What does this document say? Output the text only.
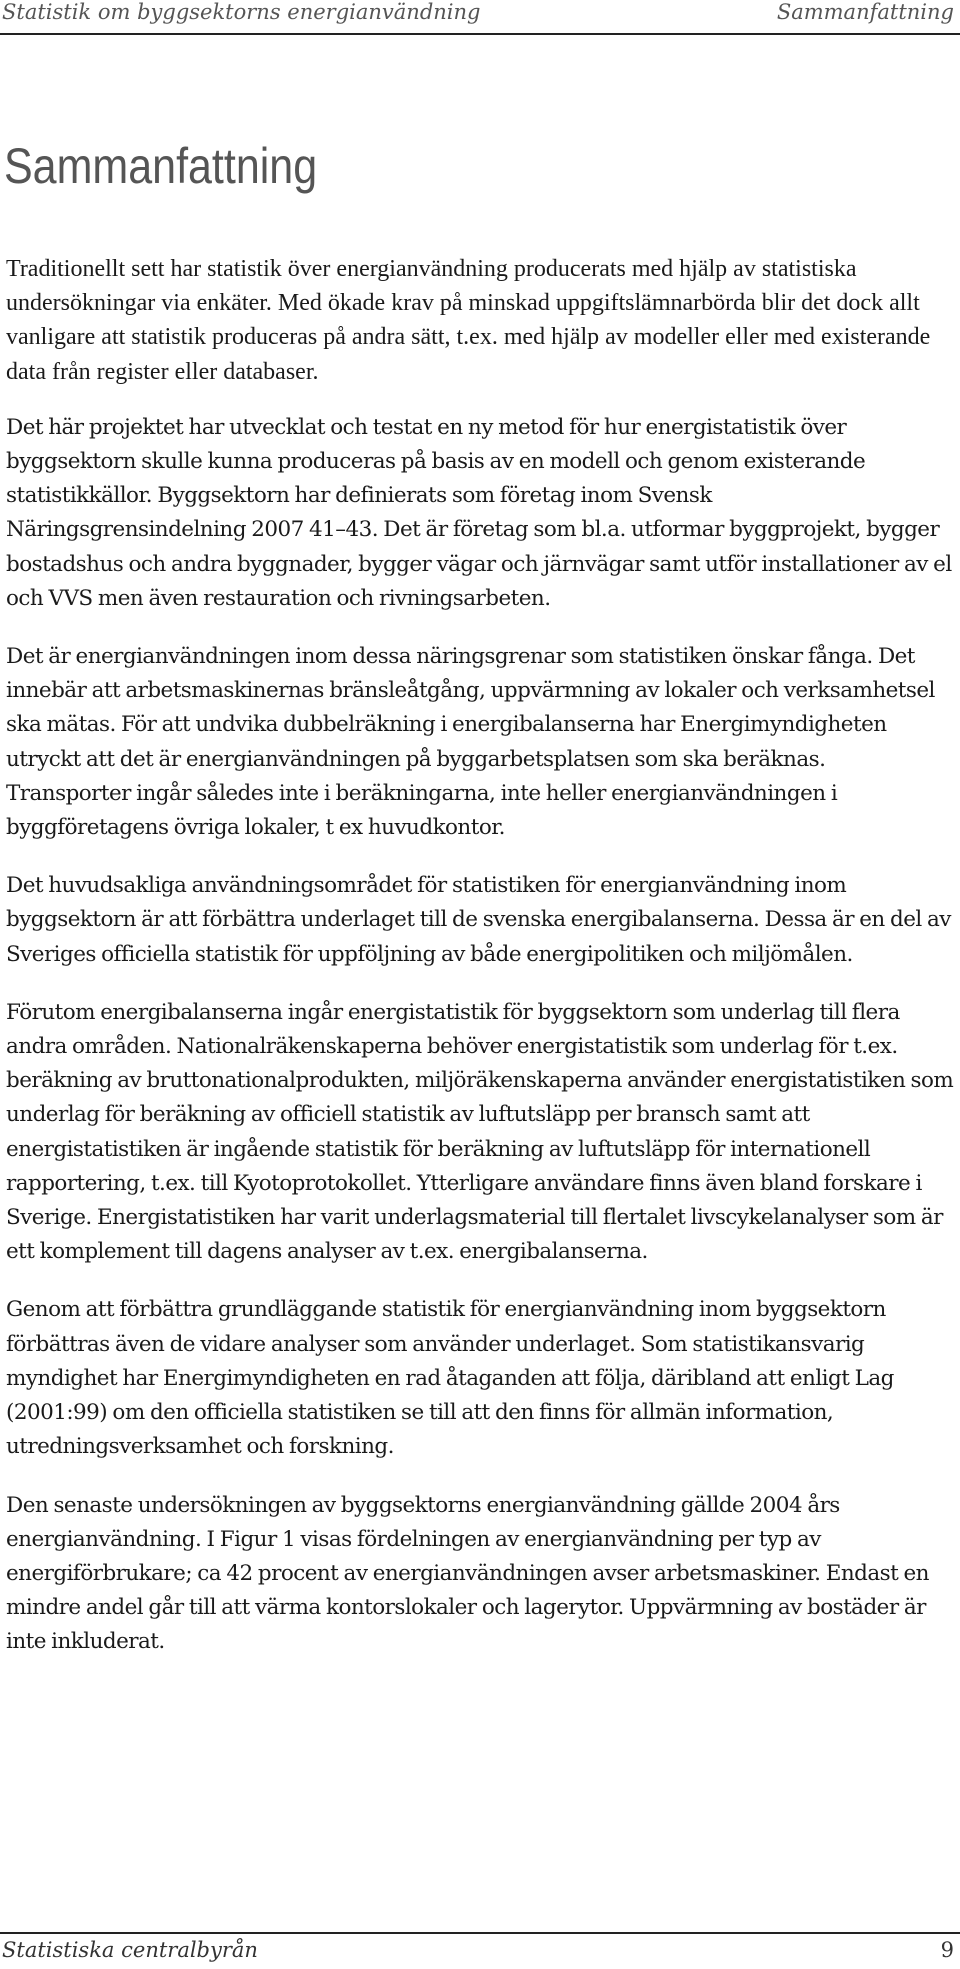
Statistik om byggsektorns energianvändning	Sammanfattning
Sammanfattning

Traditionellt sett har statistik över energianvändning producerats med hjälp av statistiska undersökningar via enkäter. Med ökade krav på minskad uppgiftslämnarbörda blir det dock allt vanligare att statistik produceras på andra sätt, t.ex. med hjälp av modeller eller med existerande data från register eller databaser.

Det här projektet har utvecklat och testat en ny metod för hur energistatistik över byggsektorn skulle kunna produceras på basis av en modell och genom existerande statistikkällor. Byggsektorn har definierats som företag inom Svensk Näringsgrensindelning 2007 41–43. Det är företag som bl.a. utformar byggprojekt, bygger bostadshus och andra byggnader, bygger vägar och järnvägar samt utför installationer av el och VVS men även restauration och rivningsarbeten.

Det är energianvändningen inom dessa näringsgrenar som statistiken önskar fånga. Det innebär att arbetsmaskinernas bränsleåtgång, uppvärmning av lokaler och verksamhetsel ska mätas. För att undvika dubbelräkning i energibalanserna har Energimyndigheten utryckt att det är energianvändningen på byggarbetsplatsen som ska beräknas. Transporter ingår således inte i beräkningarna, inte heller energianvändningen i byggföretagens övriga lokaler, t ex huvudkontor.

Det huvudsakliga användningsområdet för statistiken för energianvändning inom byggsektorn är att förbättra underlaget till de svenska energibalanserna. Dessa är en del av Sveriges officiella statistik för uppföljning av både energipolitiken och miljömålen.

Förutom energibalanserna ingår energistatistik för byggsektorn som underlag till flera andra områden. Nationalräkenskaperna behöver energistatistik som underlag för t.ex. beräkning av bruttonationalprodukten, miljöräkenskaperna använder energistatistiken som underlag för beräkning av officiell statistik av luftutsläpp per bransch samt att energistatistiken är ingående statistik för beräkning av luftutsläpp för internationell rapportering, t.ex. till Kyotoprotokollet. Ytterligare användare finns även bland forskare i Sverige. Energistatistiken har varit underlagsmaterial till flertalet livscykelanalyser som är ett komplement till dagens analyser av t.ex. energibalanserna.

Genom att förbättra grundläggande statistik för energianvändning inom byggsektorn förbättras även de vidare analyser som använder underlaget. Som statistikansvarig myndighet har Energimyndigheten en rad åtaganden att följa, däribland att enligt Lag (2001:99) om den officiella statistiken se till att den finns för allmän information, utredningsverksamhet och forskning.

Den senaste undersökningen av byggsektorns energianvändning gällde 2004 års energianvändning. I Figur 1 visas fördelningen av energianvändning per typ av energiförbrukare; ca 42 procent av energianvändningen avser arbetsmaskiner. Endast en mindre andel går till att värma kontorslokaler och lagerytor. Uppvärmning av bostäder är inte inkluderat.

Statistiska centralbyrån	9
